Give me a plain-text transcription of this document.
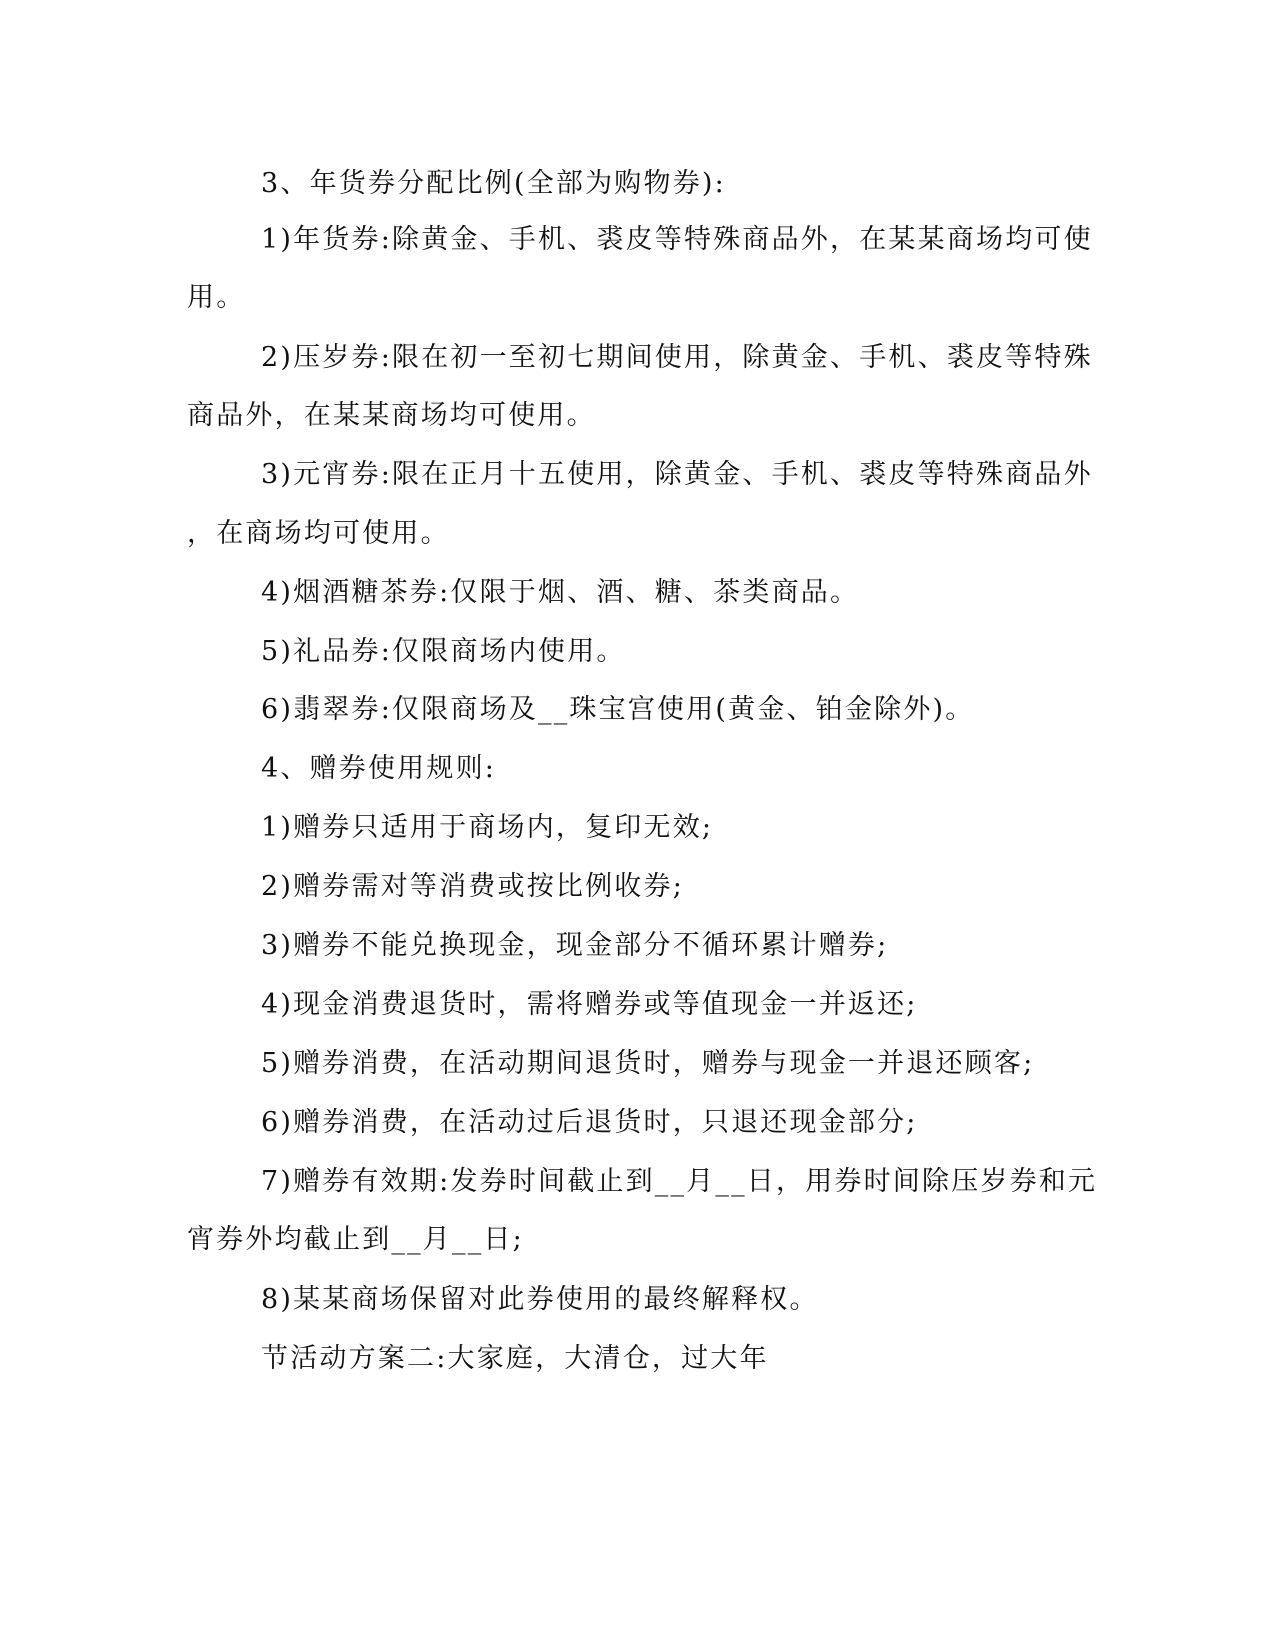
3、年货券分配比例(全部为购物券):
1)年货券:除黄金、手机、裘皮等特殊商品外，在某某商场均可使
用。
2)压岁券:限在初一至初七期间使用，除黄金、手机、裘皮等特殊
商品外，在某某商场均可使用。
3)元宵券:限在正月十五使用，除黄金、手机、裘皮等特殊商品外
，在商场均可使用。
4)烟酒糖茶券:仅限于烟、酒、糖、茶类商品。
5)礼品券:仅限商场内使用。
6)翡翠券:仅限商场及__珠宝宫使用(黄金、铂金除外)。
4、赠券使用规则:
1)赠券只适用于商场内，复印无效;
2)赠券需对等消费或按比例收券;
3)赠券不能兑换现金，现金部分不循环累计赠券;
4)现金消费退货时，需将赠券或等值现金一并返还;
5)赠券消费，在活动期间退货时，赠券与现金一并退还顾客;
6)赠券消费，在活动过后退货时，只退还现金部分;
7)赠券有效期:发券时间截止到__月__日，用券时间除压岁券和元
宵券外均截止到__月__日;
8)某某商场保留对此券使用的最终解释权。
节活动方案二:大家庭，大清仓，过大年
